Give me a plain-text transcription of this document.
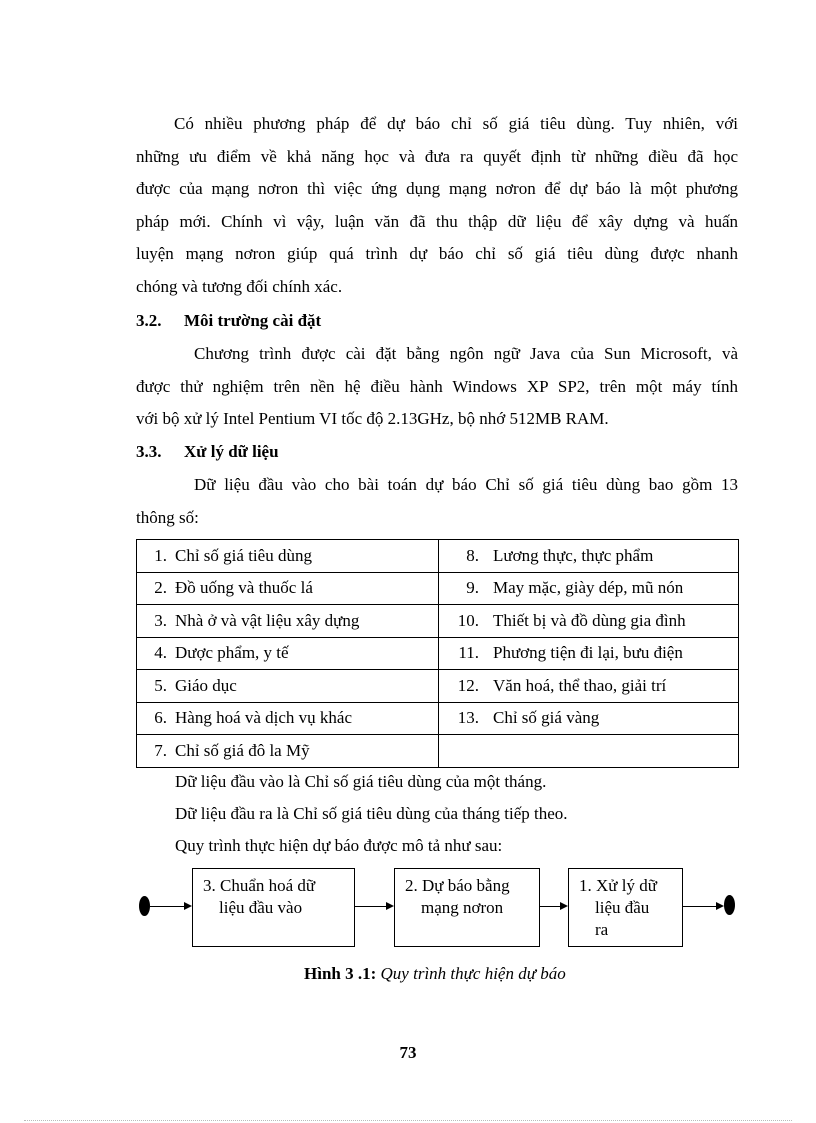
Có nhiều phương pháp để dự báo chỉ số giá tiêu dùng. Tuy nhiên, với
những ưu điểm về khả năng học và đưa ra quyết định từ những điều đã học
được của mạng nơron thì việc ứng dụng mạng nơron để dự báo là một phương
pháp mới. Chính vì vậy, luận văn đã thu thập dữ liệu để xây dựng và huấn
luyện mạng nơron giúp quá trình dự báo chỉ số giá tiêu dùng được nhanh
chóng và tương đối chính xác.
3.2. Môi trường cài đặt
Chương trình được cài đặt bằng ngôn ngữ Java của Sun Microsoft, và
được thử nghiệm trên nền hệ điều hành Windows XP SP2, trên một máy tính
với bộ xử lý Intel Pentium VI tốc độ 2.13GHz, bộ nhớ 512MB RAM.
3.3. Xử lý dữ liệu
Dữ liệu đầu vào cho bài toán dự báo Chỉ số giá tiêu dùng bao gồm 13
thông số:
1. Chỉ số giá tiêu dùng	8. Lương thực, thực phẩm
2. Đồ uống và thuốc lá	9. May mặc, giày dép, mũ nón
3. Nhà ở và vật liệu xây dựng	10. Thiết bị và đồ dùng gia đình
4. Dược phẩm, y tế	11. Phương tiện đi lại, bưu điện
5. Giáo dục	12. Văn hoá, thể thao, giải trí
6. Hàng hoá và dịch vụ khác	13. Chỉ số giá vàng
7. Chỉ số giá đô la Mỹ	
Dữ liệu đầu vào là Chỉ số giá tiêu dùng của một tháng.
Dữ liệu đầu ra là Chỉ số giá tiêu dùng của tháng tiếp theo.
Quy trình thực hiện dự báo được mô tả như sau:
3. Chuẩn hoá dữ
liệu đầu vào
2. Dự báo bằng
mạng nơron
1. Xử lý dữ
liệu đầu
ra
Hình 3 .1: Quy trình thực hiện dự báo
73
